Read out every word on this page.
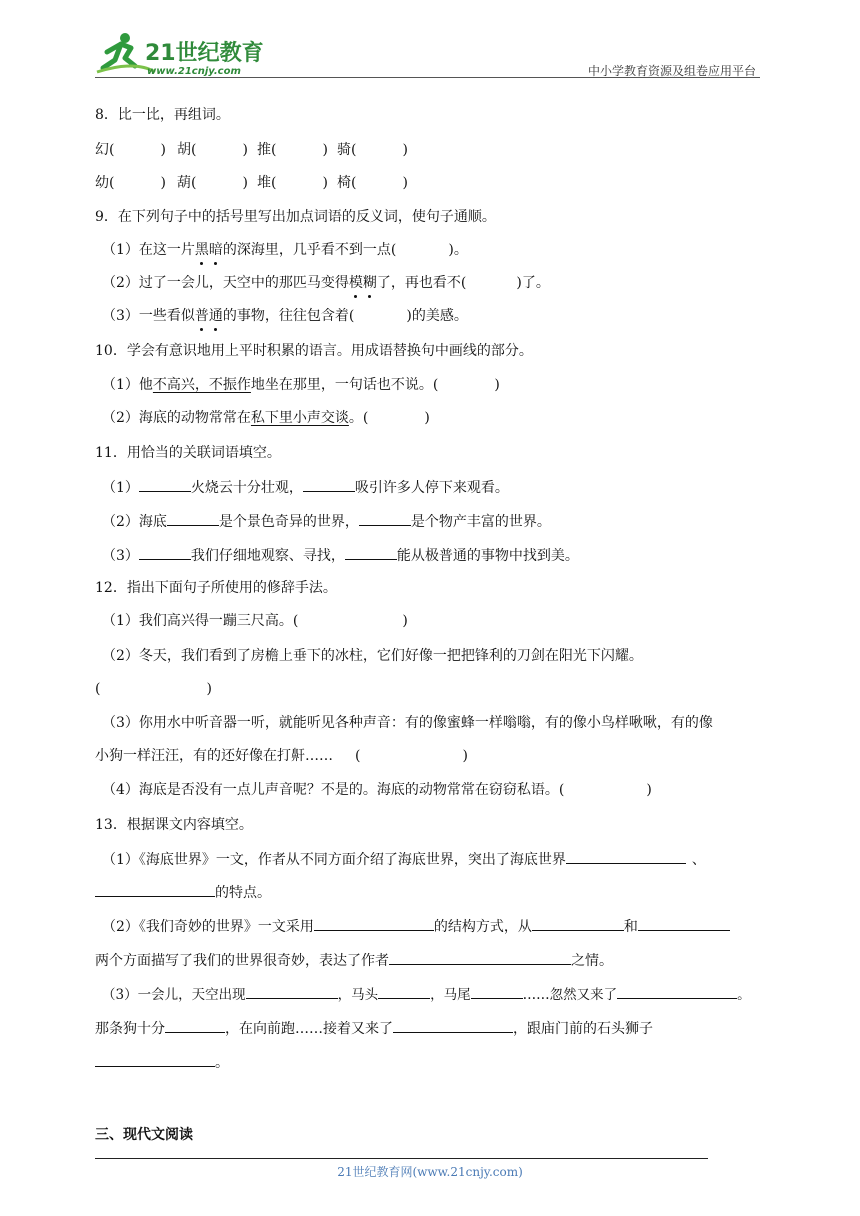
21世纪教育
www.21cnjy.com	中小学教育资源及组卷应用平台
8．比一比，再组词。
幻(	) 胡(	) 推(	) 骑(	)
幼(	) 葫(	) 堆(	) 椅(	)
9．在下列句子中的括号里写出加点词语的反义词，使句子通顺。
（1）在这一片黑暗的深海里，几乎看不到一点(	)。
（2）过了一会儿，天空中的那匹马变得模糊了，再也看不(	)了。
（3）一些看似普通的事物，往往包含着(	)的美感。
10．学会有意识地用上平时积累的语言。用成语替换句中画线的部分。
（1）他不高兴，不振作地坐在那里，一句话也不说。(	)
（2）海底的动物常常在私下里小声交谈。(	)
11．用恰当的关联词语填空。
（1）	火烧云十分壮观，	吸引许多人停下来观看。
（2）海底	是个景色奇异的世界，	是个物产丰富的世界。
（3）	我们仔细地观察、寻找，	能从极普通的事物中找到美。
12．指出下面句子所使用的修辞手法。
（1）我们高兴得一蹦三尺高。(	)
（2）冬天，我们看到了房檐上垂下的冰柱，它们好像一把把锋利的刀剑在阳光下闪耀。
(	)
（3）你用水中听音器一听，就能听见各种声音：有的像蜜蜂一样嗡嗡，有的像小鸟样啾啾，有的像
小狗一样汪汪，有的还好像在打鼾…… (	)
（4）海底是否没有一点儿声音呢？不是的。海底的动物常常在窃窃私语。(	)
13．根据课文内容填空。
（1）《海底世界》一文，作者从不同方面介绍了海底世界，突出了海底世界	、
的特点。
（2）《我们奇妙的世界》一文采用	的结构方式，从	和
两个方面描写了我们的世界很奇妙，表达了作者	之情。
（3）一会儿，天空出现	，马头	，马尾	……忽然又来了	。
那条狗十分	，在向前跑……接着又来了	，跟庙门前的石头狮子
。
三、现代文阅读
21世纪教育网(www.21cnjy.com)
